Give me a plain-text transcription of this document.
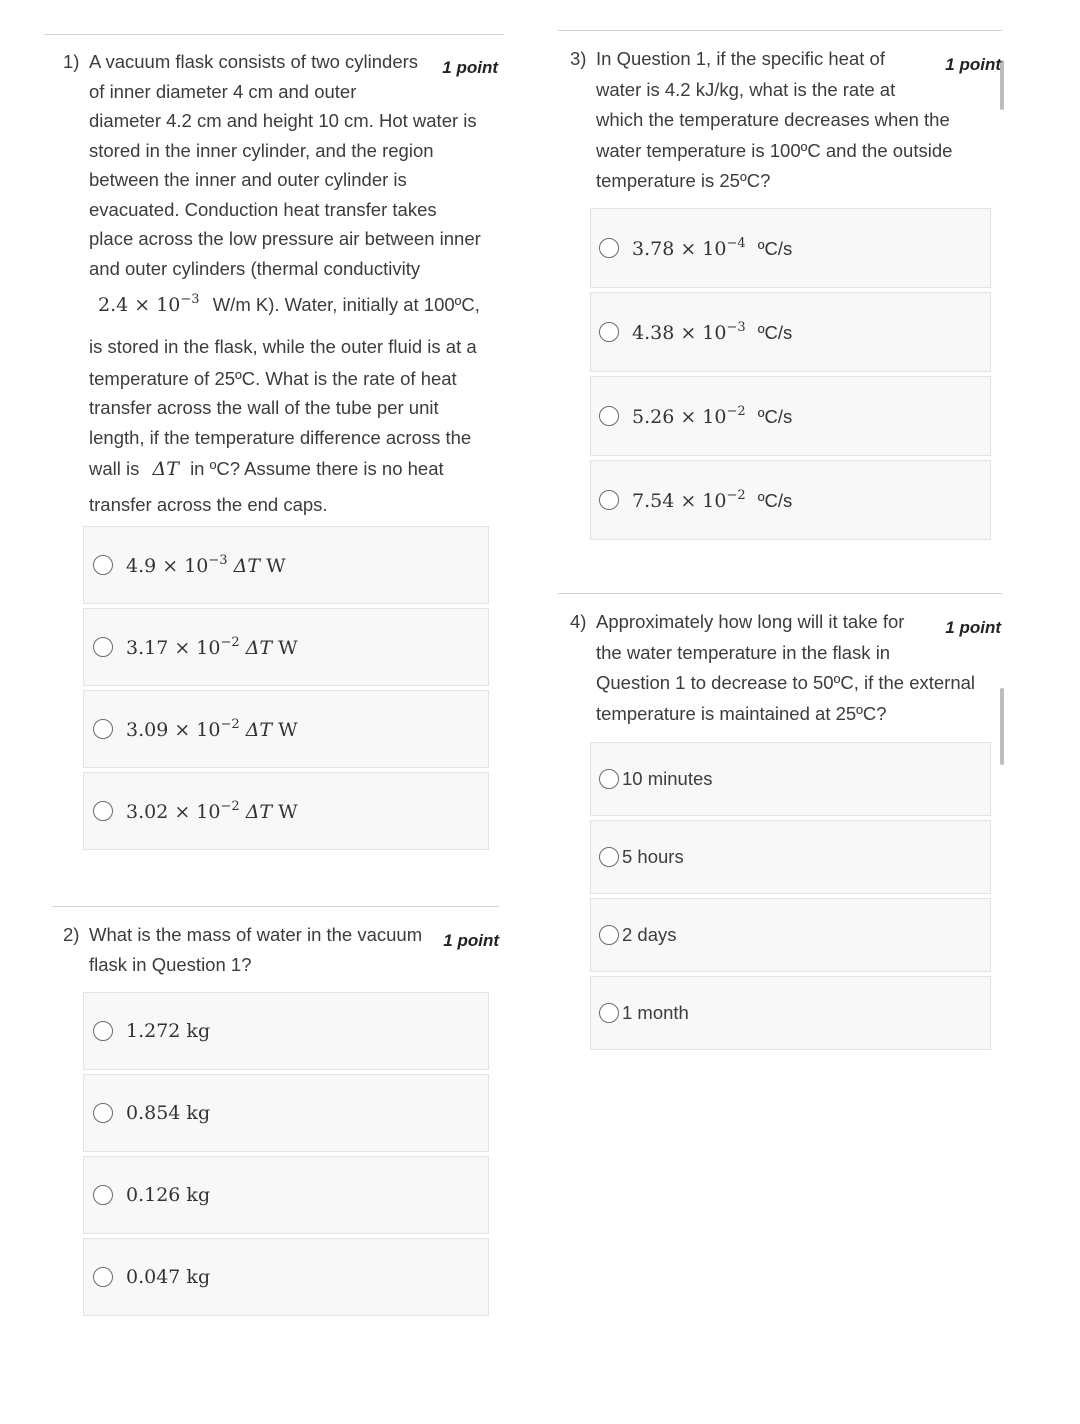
1)	1 point
A vacuum flask consists of two cylinders
of inner diameter 4 cm and outer
diameter 4.2 cm and height 10 cm. Hot water is
stored in the inner cylinder, and the region
between the inner and outer cylinder is
evacuated. Conduction heat transfer takes
place across the low pressure air between inner
and outer cylinders (thermal conductivity
$2.4 \times 10^{-3}$ W/m K). Water, initially at 100ºC,
is stored in the flask, while the outer fluid is at a
temperature of 25ºC. What is the rate of heat
transfer across the wall of the tube per unit
length, if the temperature difference across the
wall is ΔT in ºC? Assume there is no heat
transfer across the end caps.
$4.9 \times 10^{-3}$ ΔT W
$3.17 \times 10^{-2}$ ΔT W
$3.09 \times 10^{-2}$ ΔT W
$3.02 \times 10^{-2}$ ΔT W
2)	1 point
What is the mass of water in the vacuum
flask in Question 1?
1.272 kg
0.854 kg
0.126 kg
0.047 kg
3)	1 point
In Question 1, if the specific heat of
water is 4.2 kJ/kg, what is the rate at
which the temperature decreases when the
water temperature is 100ºC and the outside
temperature is 25ºC?
$3.78 \times 10^{-4}$ ºC/s
$4.38 \times 10^{-3}$ ºC/s
$5.26 \times 10^{-2}$ ºC/s
$7.54 \times 10^{-2}$ ºC/s
4)	1 point
Approximately how long will it take for
the water temperature in the flask in
Question 1 to decrease to 50ºC, if the external
temperature is maintained at 25ºC?
10 minutes
5 hours
2 days
1 month
